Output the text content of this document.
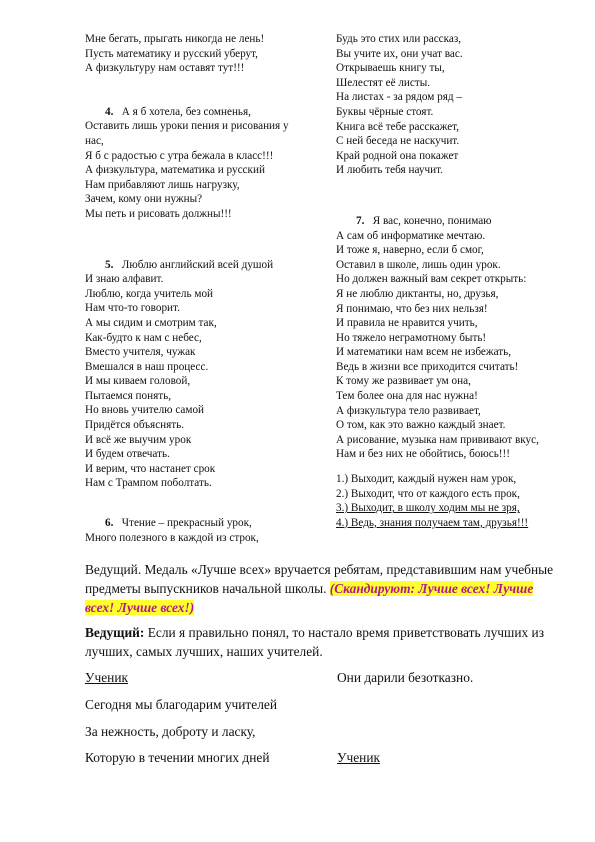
Мне бегать, прыгать никогда не лень!
Пусть математику и русский уберут,
А физкультуру нам оставят тут!!!
4. А я б хотела, без сомненья,
Оставить лишь уроки пения и рисования у
нас,
Я б с радостью с утра бежала в класс!!!
А физкультура, математика и русский
Нам прибавляют лишь нагрузку,
Зачем, кому они нужны?
Мы петь и рисовать должны!!!
5. Люблю английский всей душой
И знаю алфавит.
Люблю, когда учитель мой
Нам что-то говорит.
А мы сидим и смотрим так,
Как-будто к нам с небес,
Вместо учителя, чужак
Вмешался в наш процесс.
И мы киваем головой,
Пытаемся понять,
Но вновь учителю самой
Придётся объяснять.
И всё же выучим урок
И будем отвечать.
И верим, что настанет срок
Нам с Трампом поболтать.
6. Чтение – прекрасный урок,
Много полезного в каждой из строк,
Будь это стих или рассказ,
Вы учите их, они учат вас.
Открываешь книгу ты,
Шелестят её листы.
На листах - за рядом ряд –
Буквы чёрные стоят.
Книга всё тебе расскажет,
С ней беседа не наскучит.
Край родной она покажет
И любить тебя научит.
7. Я вас, конечно, понимаю
А сам об информатике мечтаю.
И тоже я, наверно, если б смог,
Оставил в школе, лишь один урок.
Но должен важный вам секрет открыть:
Я не люблю диктанты, но, друзья,
Я понимаю, что без них нельзя!
И правила не нравится учить,
Но тяжело неграмотному быть!
И математики нам всем не избежать,
Ведь в жизни все приходится считать!
К тому же развивает ум она,
Тем более она для нас нужна!
А физкультура тело развивает,
О том, как это важно каждый знает.
А рисование, музыка нам прививают вкус,
Нам и без них не обойтись, боюсь!!!
1.) Выходит, каждый нужен нам урок,
2.) Выходит, что от каждого есть прок,
3.) Выходит, в школу ходим мы не зря,
4.) Ведь, знания получаем там, друзья!!!
Ведущий. Медаль «Лучше всех» вручается ребятам, представившим нам учебные предметы выпускников начальной школы. (Скандируют: Лучше всех! Лучше всех! Лучше всех!)
Ведущий: Если я правильно понял, то настало время приветствовать лучших из лучших, самых лучших, наших учителей.
Ученик	Они дарили безотказно.
Сегодня мы благодарим учителей
За нежность, доброту и ласку,
Которую в течении многих дней	Ученик
